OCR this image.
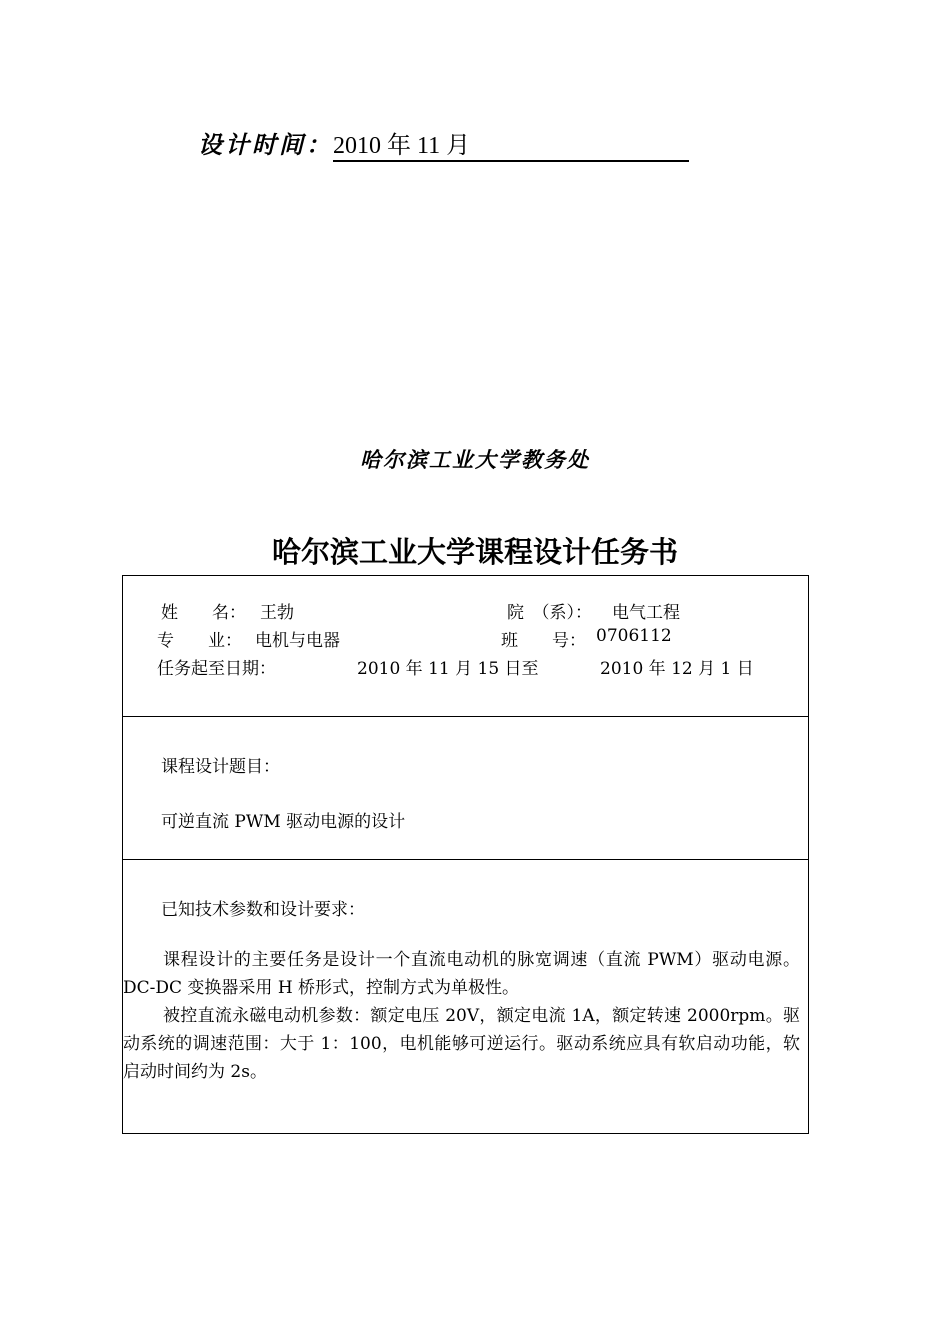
设计时间：2010 年 11 月
哈尔滨工业大学教务处
哈尔滨工业大学课程设计任务书
姓　　名： 王勃	院　（系）： 电气工程
专　　业： 电机与电器	班　　号： 0706112
任务起至日期：	2010 年 11 月 15 日至	2010 年 12 月 1 日
课程设计题目：
可逆直流 PWM 驱动电源的设计
已知技术参数和设计要求：
课程设计的主要任务是设计一个直流电动机的脉宽调速（直流 PWM）驱动电源。DC-DC 变换器采用 H 桥形式，控制方式为单极性。
被控直流永磁电动机参数：额定电压 20V，额定电流 1A，额定转速 2000rpm。驱动系统的调速范围：大于 1：100，电机能够可逆运行。驱动系统应具有软启动功能，软启动时间约为 2s。
